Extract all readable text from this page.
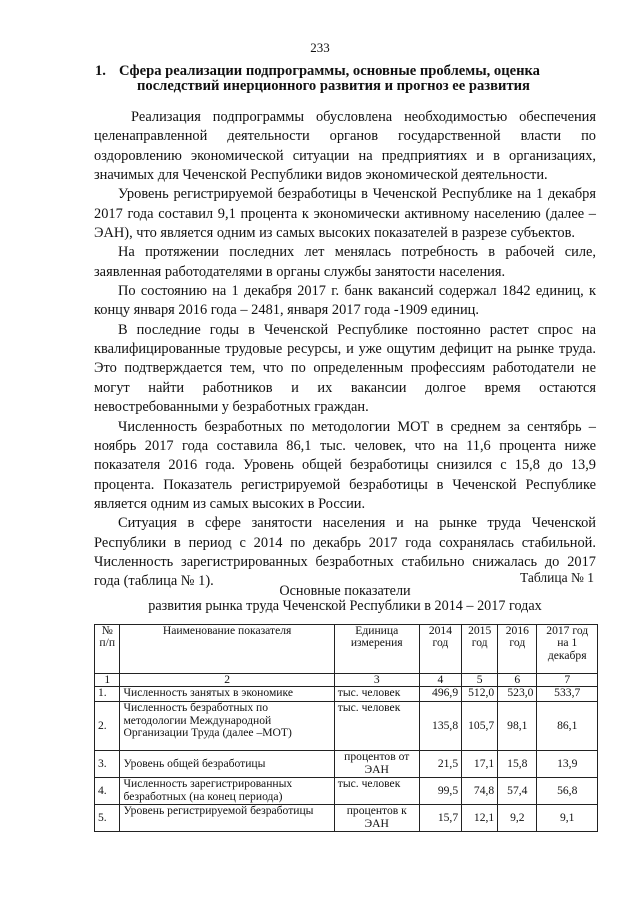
233
1. Сфера реализации подпрограммы, основные проблемы, оценка
последствий инерционного развития и прогноз ее развития

Реализация подпрограммы обусловлена необходимостью обеспечения целенаправленной деятельности органов государственной власти по оздоровлению экономической ситуации на предприятиях и в организациях, значимых для Чеченской Республики видов экономической деятельности.

Уровень регистрируемой безработицы в Чеченской Республике на 1 декабря 2017 года составил 9,1 процента к экономически активному населению (далее – ЭАН), что является одним из самых высоких показателей в разрезе субъектов.

На протяжении последних лет менялась потребность в рабочей силе, заявленная работодателями в органы службы занятости населения.

По состоянию на 1 декабря 2017 г. банк вакансий содержал 1842 единиц, к концу января 2016 года – 2481, января 2017 года -1909 единиц.

В последние годы в Чеченской Республике постоянно растет спрос на квалифицированные трудовые ресурсы, и уже ощутим дефицит на рынке труда. Это подтверждается тем, что по определенным профессиям работодатели не могут найти работников и их вакансии долгое время остаются невостребованными у безработных граждан.

Численность безработных по методологии МОТ в среднем за сентябрь – ноябрь 2017 года составила 86,1 тыс. человек, что на 11,6 процента ниже показателя 2016 года. Уровень общей безработицы снизился с 15,8 до 13,9 процента. Показатель регистрируемой безработицы в Чеченской Республике является одним из самых высоких в России.

Ситуация в сфере занятости населения и на рынке труда Чеченской Республики в период с 2014 по декабрь 2017 года сохранялась стабильной. Численность зарегистрированных безработных стабильно снижалась до 2017 года (таблица № 1).	Таблица № 1
Основные показатели
развития рынка труда Чеченской Республики в 2014 – 2017 годах
№ п/п	Наименование показателя	Единица измерения	2014 год	2015 год	2016 год	2017 год на 1 декабря
1	2	3	4	5	6	7
1.	Численность занятых в экономике	тыс. человек	496,9	512,0	523,0	533,7
2.	Численность безработных по методологии Международной Организации Труда (далее –МОТ)	тыс. человек	135,8	105,7	98,1	86,1
3.	Уровень общей безработицы	процентов от ЭАН	21,5	17,1	15,8	13,9
4.	Численность зарегистрированных безработных (на конец периода)	тыс. человек	99,5	74,8	57,4	56,8
5.	Уровень регистрируемой безработицы	процентов к ЭАН	15,7	12,1	9,2	9,1
